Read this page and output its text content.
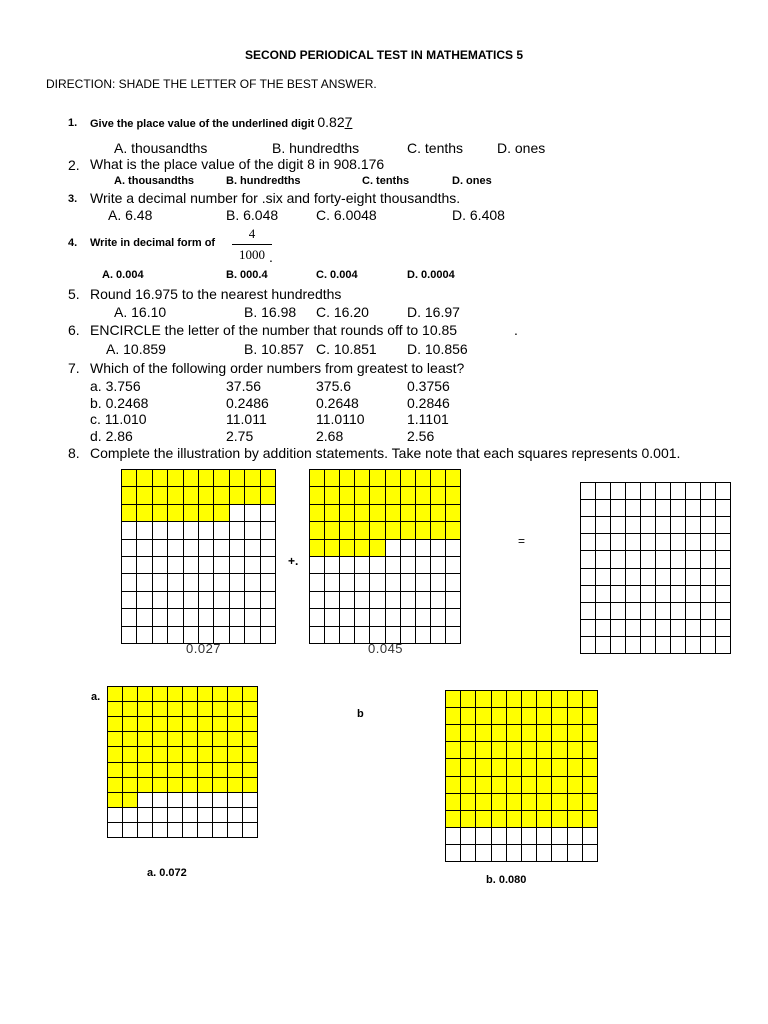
SECOND PERIODICAL TEST IN MATHEMATICS 5
DIRECTION: SHADE THE LETTER OF THE BEST ANSWER.
1. Give the place value of the underlined digit 0.827
A. thousandths	B. hundredths	C. tenths D. ones
2. What is the place value of the digit 8 in 908.176
A. thousandths	B. hundredths	C. tenths	D. ones
3. Write a decimal number for .six and forty-eight thousandths.
A. 6.48	B. 6.048	C. 6.0048	D. 6.408
4. Write in decimal form of
4
1000 .
A. 0.004	B. 000.4	C. 0.004	D. 0.0004
5. Round 16.975 to the nearest hundredths
A. 16.10	B. 16.98 C. 16.20	D. 16.97
6. ENCIRCLE the letter of the number that rounds off to 10.85	.
A. 10.859	B. 10.857 C. 10.851 D. 10.856
7. Which of the following order numbers from greatest to least?
a. 3.756	37.56	375.6	0.3756
b. 0.2468	0.2486	0.2648	0.2846
c. 11.010	11.011	11.0110	1.1101
d. 2.86	2.75	2.68	2.56
8. Complete the illustration by addition statements. Take note that each squares represents 0.001.
0.027
+.
0.045
=
a.
a. 0.072
b
b. 0.080
